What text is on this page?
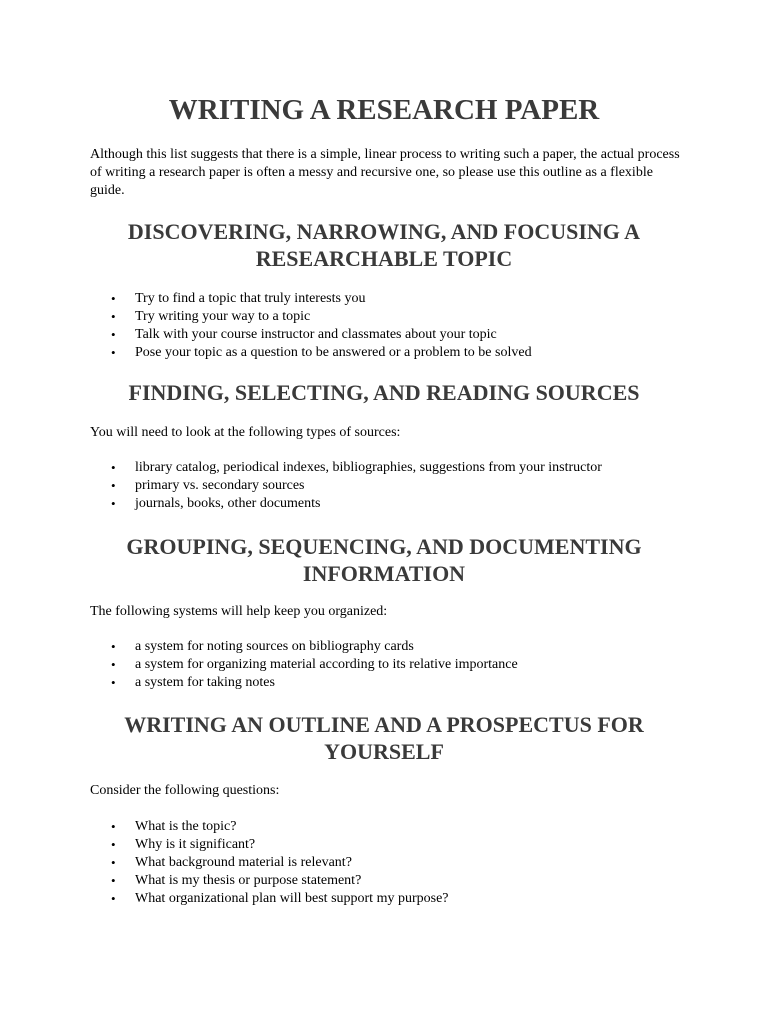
WRITING A RESEARCH PAPER

Although this list suggests that there is a simple, linear process to writing such a paper, the actual process of writing a research paper is often a messy and recursive one, so please use this outline as a flexible guide.

DISCOVERING, NARROWING, AND FOCUSING A RESEARCHABLE TOPIC
• Try to find a topic that truly interests you
• Try writing your way to a topic
• Talk with your course instructor and classmates about your topic
• Pose your topic as a question to be answered or a problem to be solved
FINDING, SELECTING, AND READING SOURCES

You will need to look at the following types of sources:

• library catalog, periodical indexes, bibliographies, suggestions from your instructor
• primary vs. secondary sources
• journals, books, other documents
GROUPING, SEQUENCING, AND DOCUMENTING INFORMATION

The following systems will help keep you organized:

• a system for noting sources on bibliography cards
• a system for organizing material according to its relative importance
• a system for taking notes
WRITING AN OUTLINE AND A PROSPECTUS FOR YOURSELF

Consider the following questions:

• What is the topic?
• Why is it significant?
• What background material is relevant?
• What is my thesis or purpose statement?
• What organizational plan will best support my purpose?
